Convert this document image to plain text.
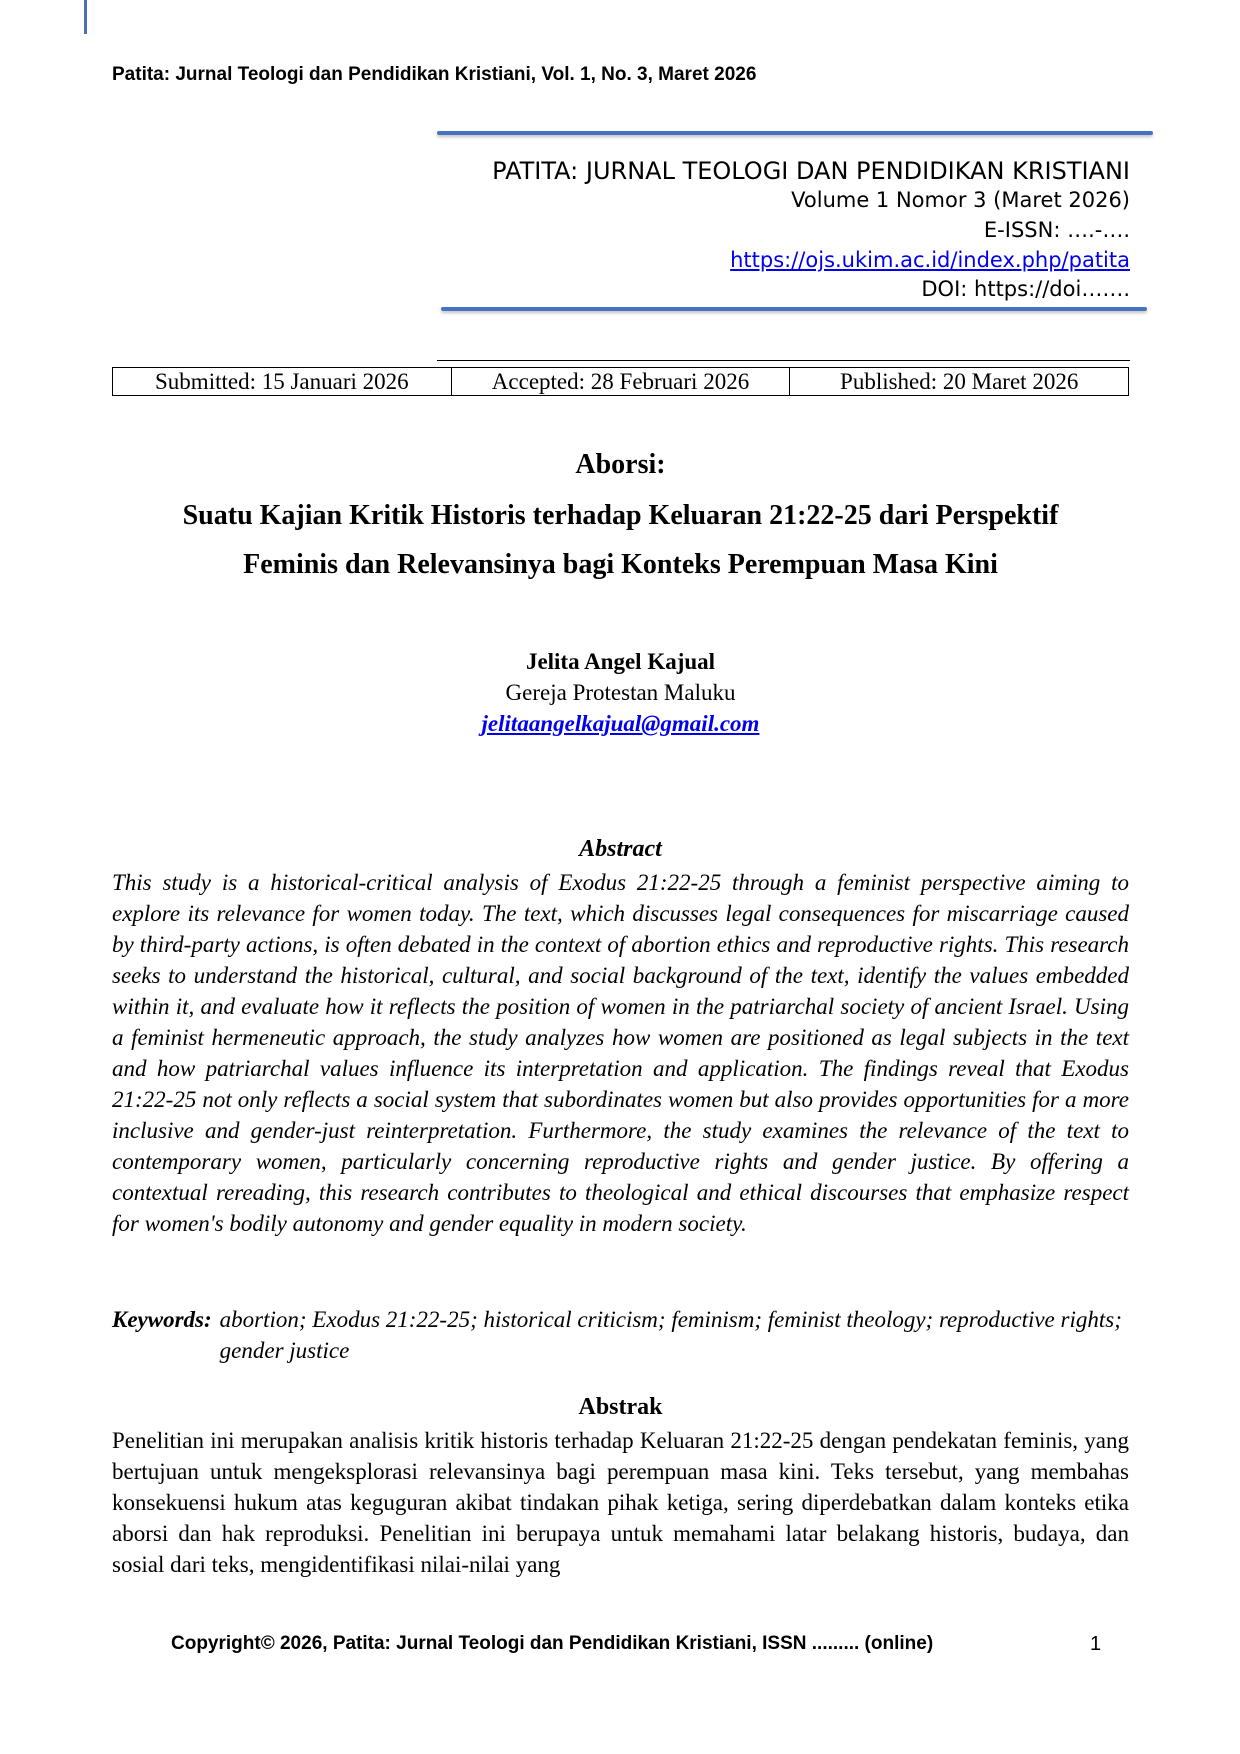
Patita: Jurnal Teologi dan Pendidikan Kristiani, Vol. 1, No. 3, Maret 2026
PATITA: JURNAL TEOLOGI DAN PENDIDIKAN KRISTIANI
Volume 1 Nomor 3 (Maret 2026)
E-ISSN: ….-….
https://ojs.ukim.ac.id/index.php/patita
DOI: https://doi…….
Submitted: 15 Januari 2026	Accepted: 28 Februari 2026	Published: 20 Maret 2026
Aborsi:
Suatu Kajian Kritik Historis terhadap Keluaran 21:22-25 dari Perspektif
Feminis dan Relevansinya bagi Konteks Perempuan Masa Kini
Jelita Angel Kajual
Gereja Protestan Maluku
jelitaangelkajual@gmail.com
Abstract

This study is a historical-critical analysis of Exodus 21:22-25 through a feminist perspective aiming to explore its relevance for women today. The text, which discusses legal consequences for miscarriage caused by third-party actions, is often debated in the context of abortion ethics and reproductive rights. This research seeks to understand the historical, cultural, and social background of the text, identify the values embedded within it, and evaluate how it reflects the position of women in the patriarchal society of ancient Israel. Using a feminist hermeneutic approach, the study analyzes how women are positioned as legal subjects in the text and how patriarchal values influence its interpretation and application. The findings reveal that Exodus 21:22-25 not only reflects a social system that subordinates women but also provides opportunities for a more inclusive and gender-just reinterpretation. Furthermore, the study examines the relevance of the text to contemporary women, particularly concerning reproductive rights and gender justice. By offering a contextual rereading, this research contributes to theological and ethical discourses that emphasize respect for women's bodily autonomy and gender equality in modern society.

Keywords: abortion; Exodus 21:22-25; historical criticism; feminism; feminist theology; reproductive rights; gender justice
Abstrak

Penelitian ini merupakan analisis kritik historis terhadap Keluaran 21:22-25 dengan pendekatan feminis, yang bertujuan untuk mengeksplorasi relevansinya bagi perempuan masa kini. Teks tersebut, yang membahas konsekuensi hukum atas keguguran akibat tindakan pihak ketiga, sering diperdebatkan dalam konteks etika aborsi dan hak reproduksi. Penelitian ini berupaya untuk memahami latar belakang historis, budaya, dan sosial dari teks, mengidentifikasi nilai-nilai yang

Copyright© 2026, Patita: Jurnal Teologi dan Pendidikan Kristiani, ISSN ......... (online)	1
